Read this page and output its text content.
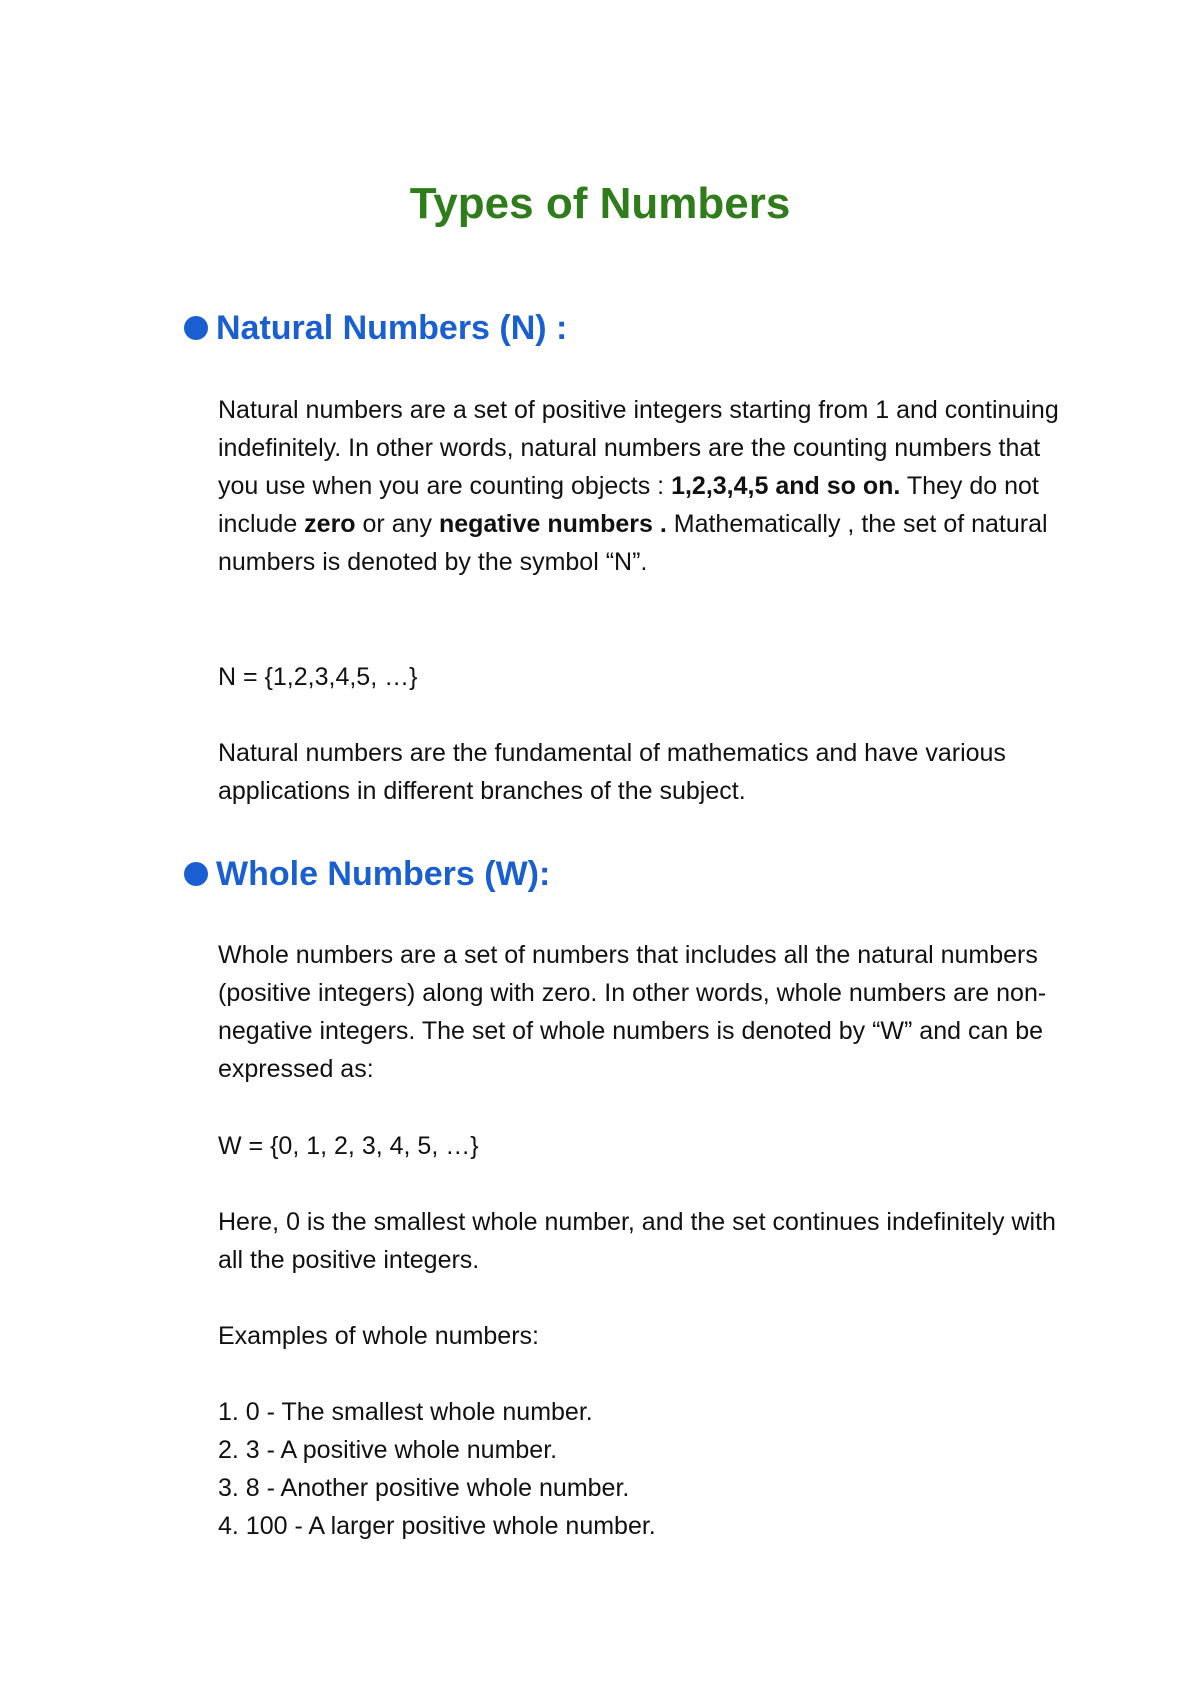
Types of Numbers
Natural Numbers (N) :

Natural numbers are a set of positive integers starting from 1 and continuing indefinitely. In other words, natural numbers are the counting numbers that you use when you are counting objects : 1,2,3,4,5 and so on. They do not include zero or any negative numbers . Mathematically , the set of natural numbers is denoted by the symbol “N”.

N = {1,2,3,4,5, …}

Natural numbers are the fundamental of mathematics and have various applications in different branches of the subject.

Whole Numbers (W):

Whole numbers are a set of numbers that includes all the natural numbers (positive integers) along with zero. In other words, whole numbers are non-negative integers. The set of whole numbers is denoted by “W” and can be expressed as:

W = {0, 1, 2, 3, 4, 5, …}

Here, 0 is the smallest whole number, and the set continues indefinitely with all the positive integers.

Examples of whole numbers:

1. 0 - The smallest whole number.
2. 3 - A positive whole number.
3. 8 - Another positive whole number.
4. 100 - A larger positive whole number.
